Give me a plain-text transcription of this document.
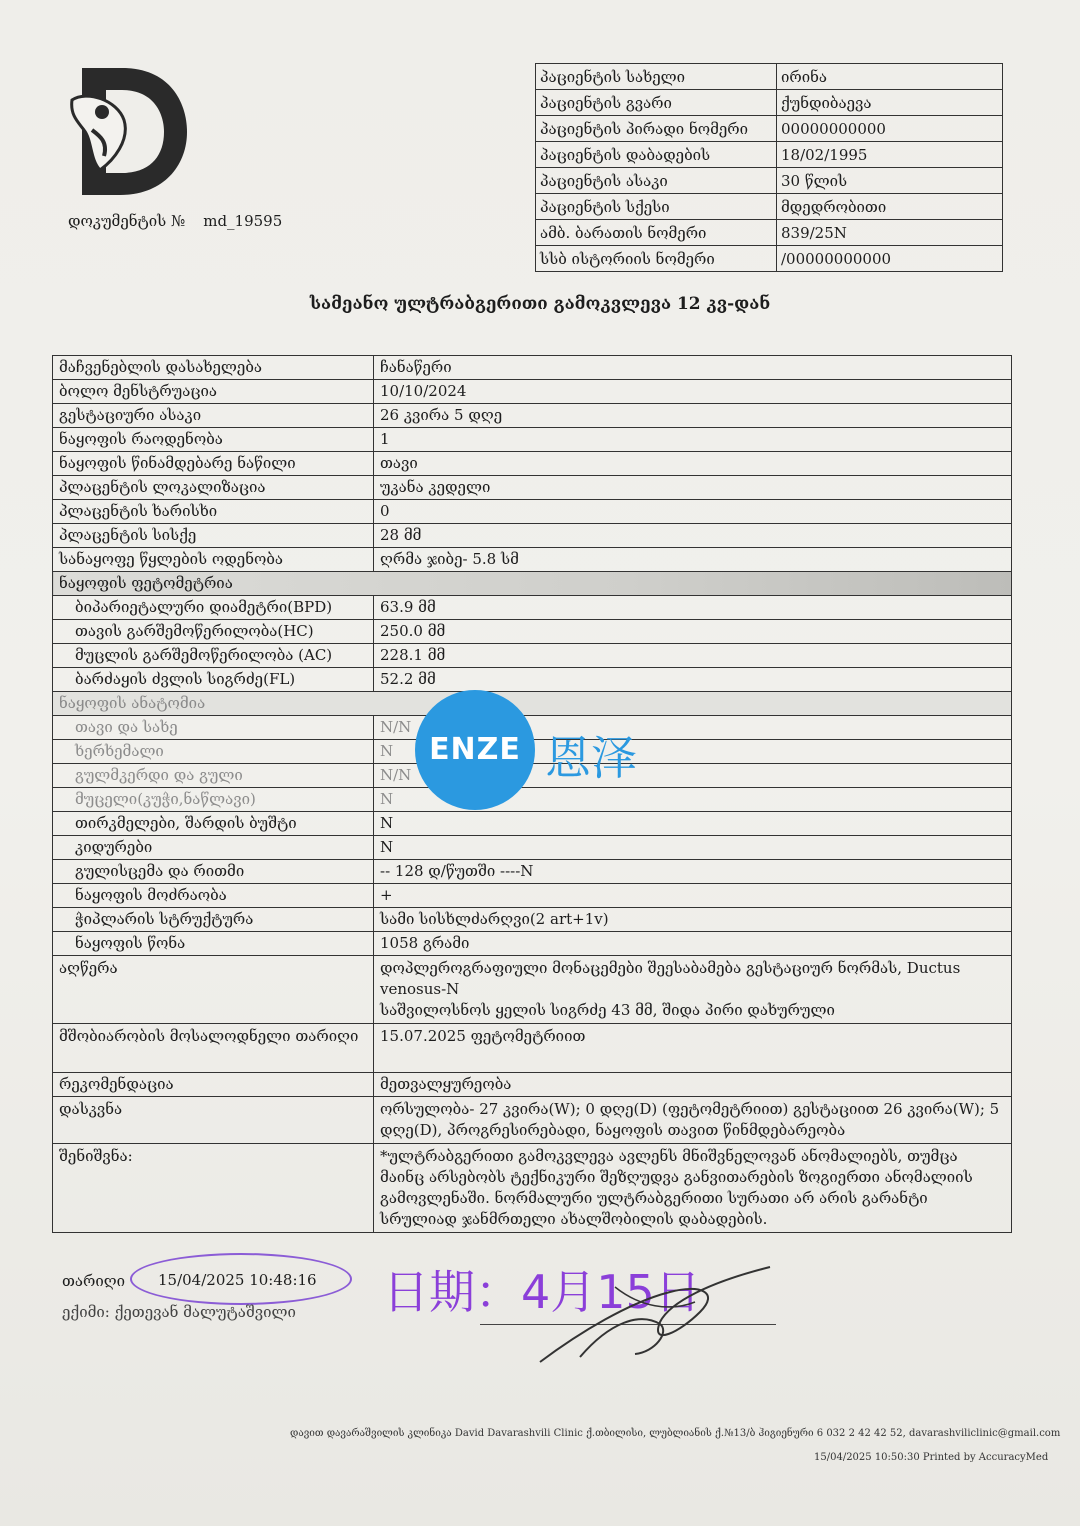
დოკუმენტის № md_19595
პაციენტის სახელი	ირინა
პაციენტის გვარი	ქუნდიბაევა
პაციენტის პირადი ნომერი	00000000000
პაციენტის დაბადების	18/02/1995
პაციენტის ასაკი	30 წლის
პაციენტის სქესი	მდედრობითი
ამბ. ბარათის ნომერი	839/25N
სსბ ისტორიის ნომერი	/00000000000
სამეანო ულტრაბგერითი გამოკვლევა 12 კვ-დან
მაჩვენებლის დასახელება	ჩანაწერი
ბოლო მენსტრუაცია	10/10/2024
გესტაციური ასაკი	26 კვირა 5 დღე
ნაყოფის რაოდენობა	1
ნაყოფის წინამდებარე ნაწილი	თავი
პლაცენტის ლოკალიზაცია	უკანა კედელი
პლაცენტის ხარისხი	0
პლაცენტის სისქე	28 მმ
სანაყოფე წყლების ოდენობა	ღრმა ჯიბე- 5.8 სმ
ნაყოფის ფეტომეტრია	
ბიპარიეტალური დიამეტრი(BPD)	63.9 მმ
თავის გარშემოწერილობა(HC)	250.0 მმ
მუცლის გარშემოწერილობა (AC)	228.1 მმ
ბარძაყის ძვლის სიგრძე(FL)	52.2 მმ
ნაყოფის ანატომია	
თავი და სახე	N/N
ხერხემალი	N
გულმკერდი და გული	N/N
მუცელი(კუჭი,ნაწლავი)	N
თირკმელები, შარდის ბუშტი	N
კიდურები	N
გულისცემა და რითმი	-- 128 დ/წუთში ----N
ნაყოფის მოძრაობა	+
ჭიპლარის სტრუქტურა	სამი სისხლძარღვი(2 art+1v)
ნაყოფის წონა	1058 გრამი
აღწერა	დოპლეროგრაფიული მონაცემები შეესაბამება გესტაციურ ნორმას, Ductus venosus-N
საშვილოსნოს ყელის სიგრძე 43 მმ, შიდა პირი დახურული

მშობიარობის მოსალოდნელი თარიღი	15.07.2025 ფეტომეტრიით
რეკომენდაცია	მეთვალყურეობა
დასკვნა	ორსულობა- 27 კვირა(W); 0 დღე(D) (ფეტომეტრიით) გესტაციით 26 კვირა(W); 5 დღე(D), პროგრესირებადი, ნაყოფის თავით წინმდებარეობა
შენიშვნა:	*ულტრაბგერითი გამოკვლევა ავლენს მნიშვნელოვან ანომალიებს, თუმცა მაინც არსებობს ტექნიკური შეზღუდვა განვითარების ზოგიერთი ანომალიის გამოვლენაში. ნორმალური ულტრაბგერითი სურათი არ არის გარანტი სრულიად ჯანმრთელი ახალშობილის დაბადების.
ENZE 恩泽
თარიღი 15/04/2025 10:48:16 日期：4月15日
ექიმი: ქეთევან მალუტაშვილი
დავით დავარაშვილის კლინიკა David Davarashvili Clinic ქ.თბილისი, ლუბლიანის ქ.№13/ბ ჰიგიენური 6 032 2 42 42 52, davarashviliclinic@gmail.com
15/04/2025 10:50:30 Printed by AccuracyMed
